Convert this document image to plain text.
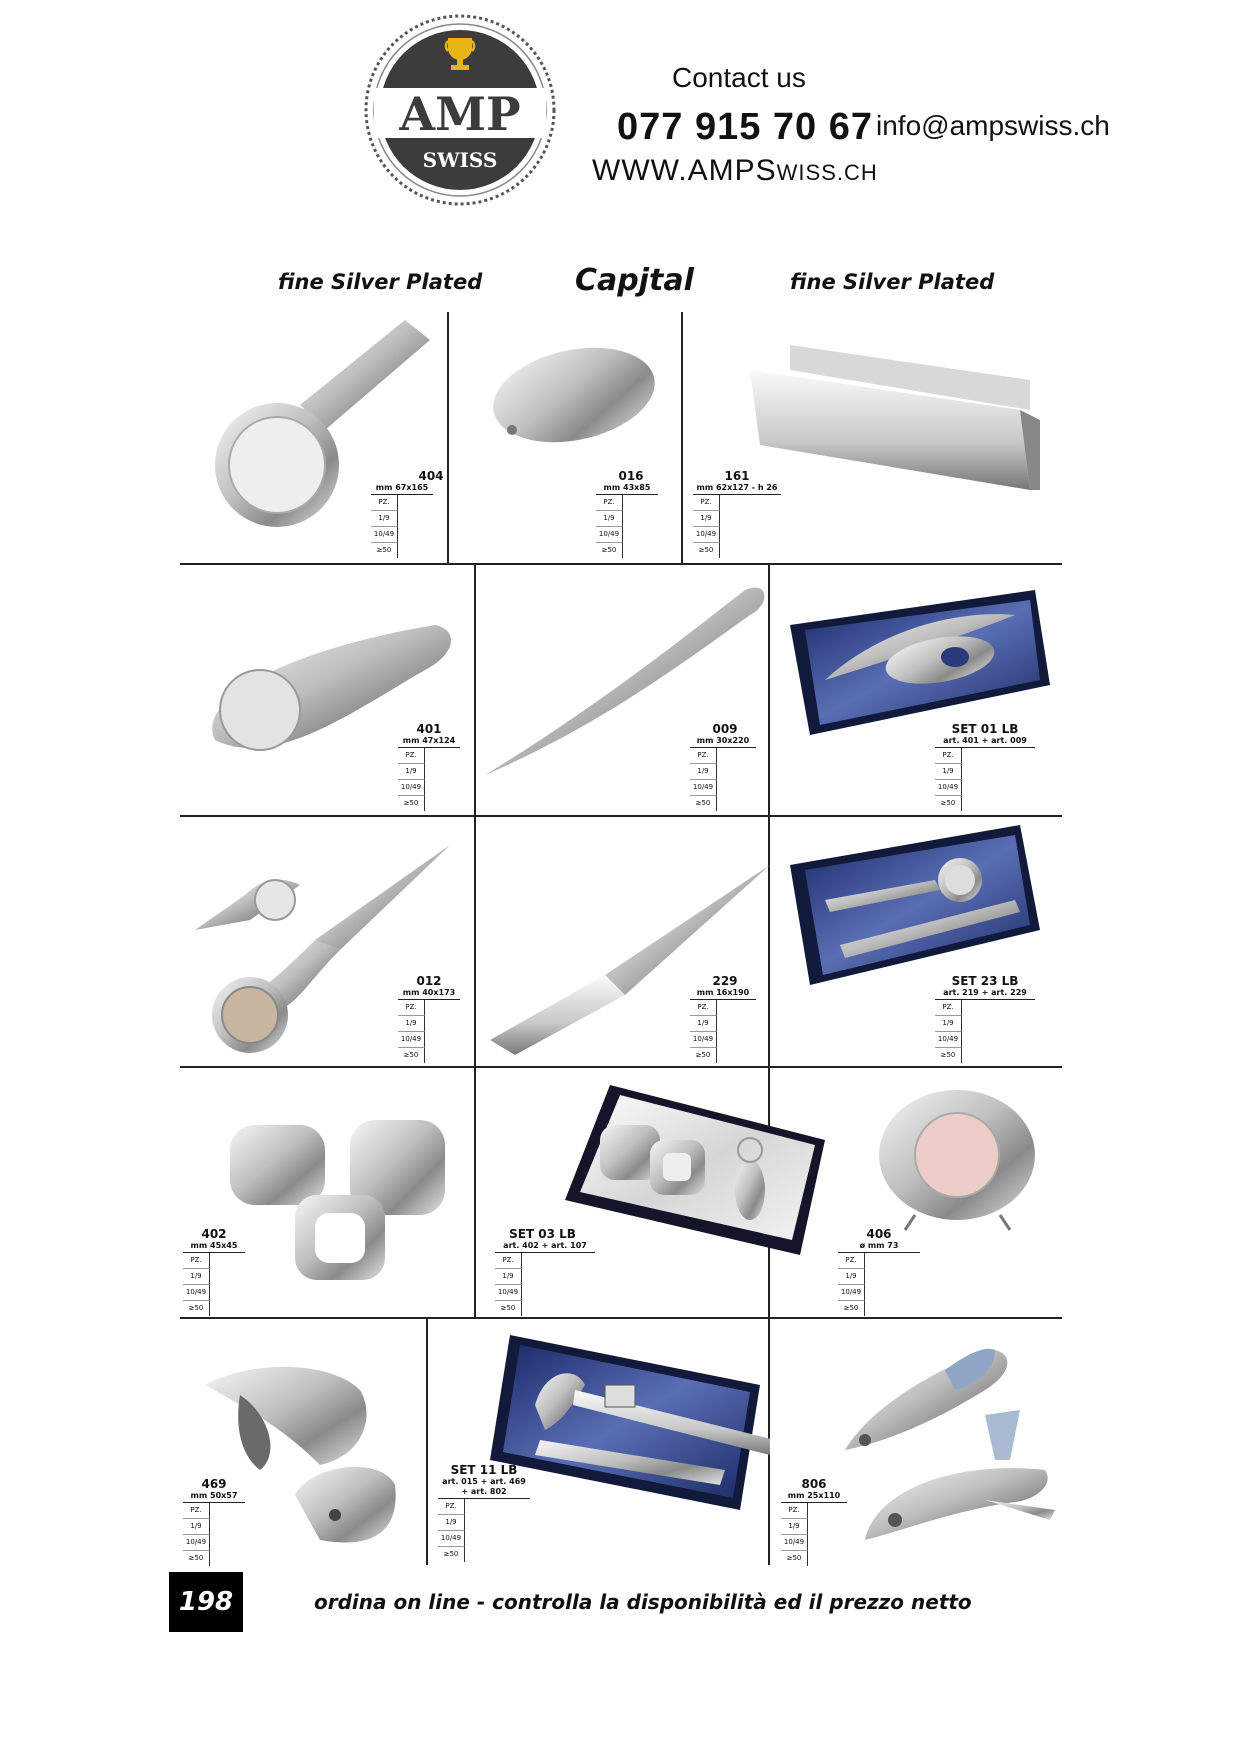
AMP
SWISS
Contact us
077 915 70 67 info@ampswiss.ch
WWW.AMPSWISS.CH
fine Silver Plated	Capjtal	fine Silver Plated
404
mm 67x165
PZ.
1/9
10/49
≥50
016
mm 43x85
PZ.
1/9
10/49
≥50
161
mm 62x127 - h 26
PZ.
1/9
10/49
≥50
401
mm 47x124
PZ.
1/9
10/49
≥50
009
mm 30x220
PZ.
1/9
10/49
≥50
SET 01 LB
art. 401 + art. 009
PZ.
1/9
10/49
≥50
012
mm 40x173
PZ.
1/9
10/49
≥50
229
mm 16x190
PZ.
1/9
10/49
≥50
SET 23 LB
art. 219 + art. 229
PZ.
1/9
10/49
≥50
402
mm 45x45
PZ.
1/9
10/49
≥50
SET 03 LB
art. 402 + art. 107
PZ.
1/9
10/49
≥50
406
ø mm 73
PZ.
1/9
10/49
≥50
469
mm 50x57
PZ.
1/9
10/49
≥50
SET 11 LB
art. 015 + art. 469
+ art. 802
PZ.
1/9
10/49
≥50
806
mm 25x110
PZ.
1/9
10/49
≥50
198	ordina on line - controlla la disponibilità ed il prezzo netto
